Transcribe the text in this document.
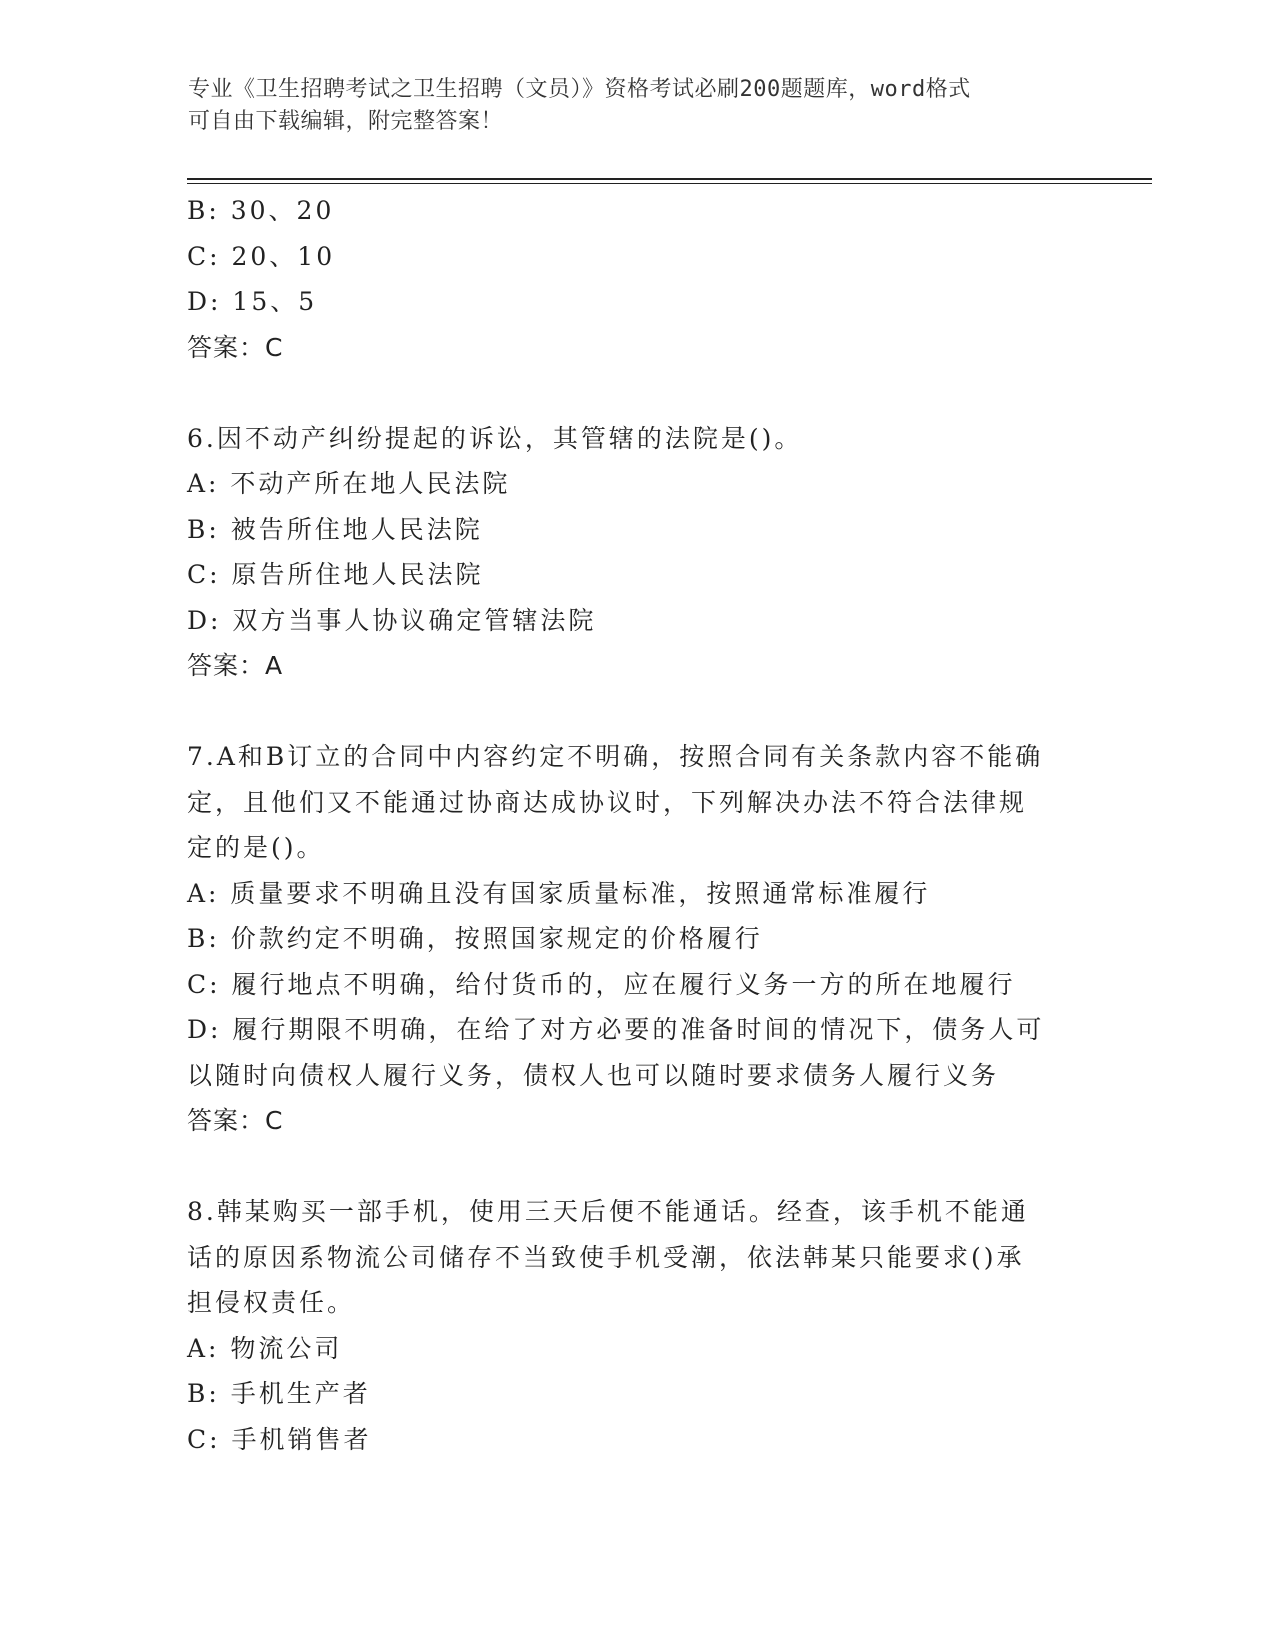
专业《卫生招聘考试之卫生招聘（文员）》资格考试必刷200题题库，word格式
可自由下载编辑，附完整答案！
B: 30、20
C: 20、10
D: 15、5
答案：C
6.因不动产纠纷提起的诉讼，其管辖的法院是()。
A: 不动产所在地人民法院
B: 被告所住地人民法院
C: 原告所住地人民法院
D: 双方当事人协议确定管辖法院
答案：A
7.A和B订立的合同中内容约定不明确，按照合同有关条款内容不能确
定，且他们又不能通过协商达成协议时，下列解决办法不符合法律规
定的是()。
A: 质量要求不明确且没有国家质量标准，按照通常标准履行
B: 价款约定不明确，按照国家规定的价格履行
C: 履行地点不明确，给付货币的，应在履行义务一方的所在地履行
D: 履行期限不明确，在给了对方必要的准备时间的情况下，债务人可
以随时向债权人履行义务，债权人也可以随时要求债务人履行义务
答案：C
8.韩某购买一部手机，使用三天后便不能通话。经查，该手机不能通
话的原因系物流公司储存不当致使手机受潮，依法韩某只能要求()承
担侵权责任。
A: 物流公司
B: 手机生产者
C: 手机销售者
